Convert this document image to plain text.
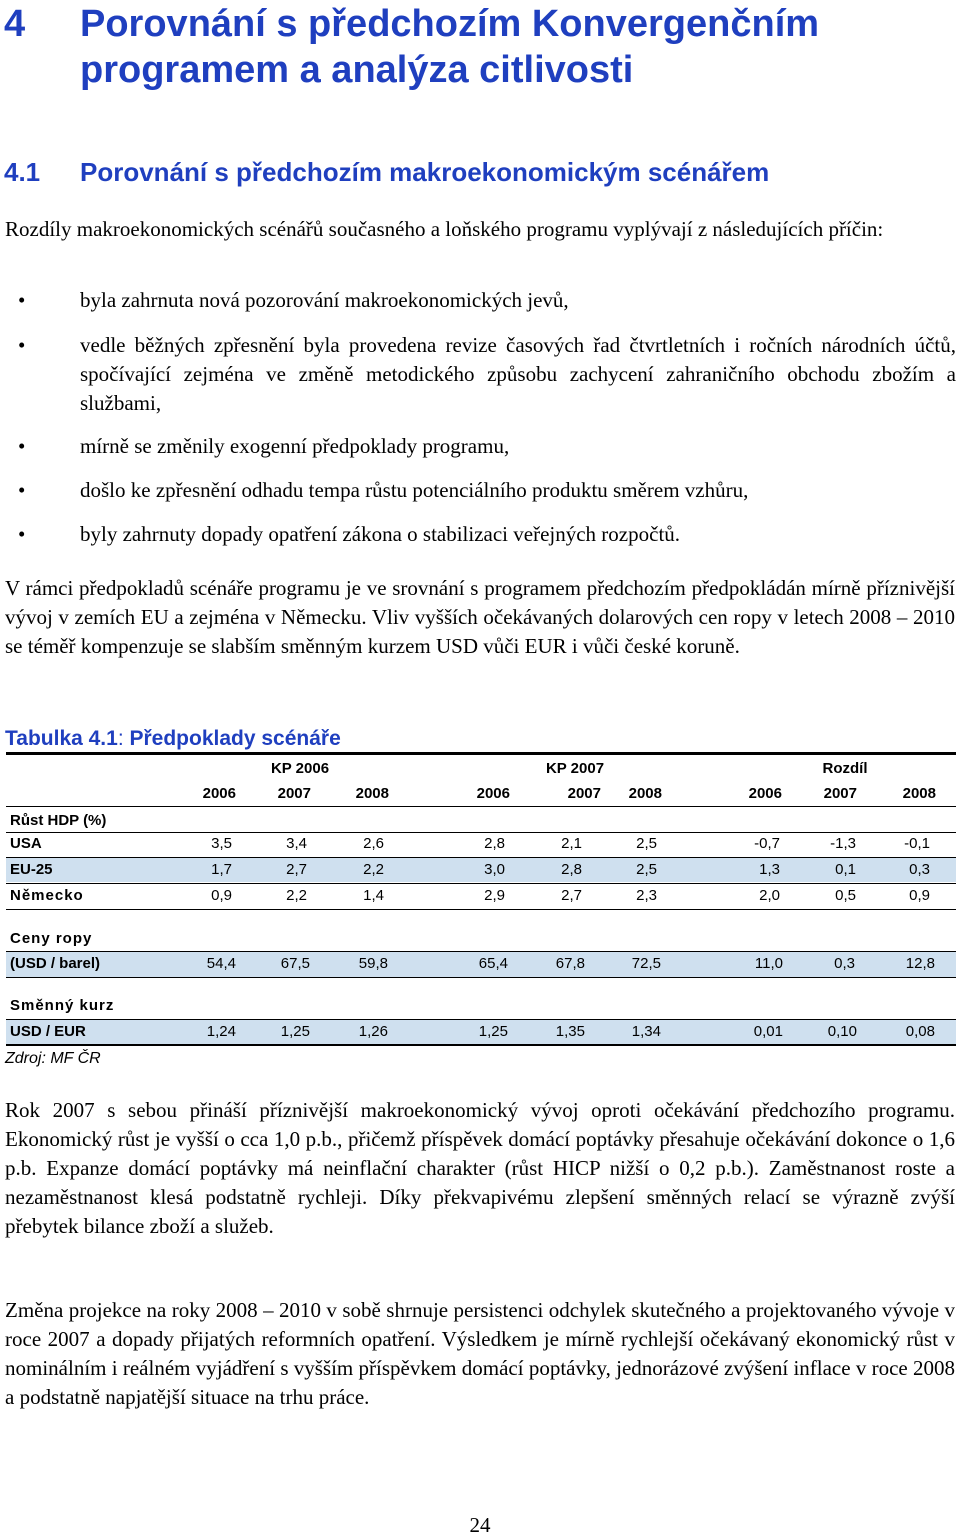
4 Porovnání s předchozím Konvergenčním
programem a analýza citlivosti
4.1 Porovnání s předchozím makroekonomickým scénářem
Rozdíly makroekonomických scénářů současného a loňského programu vyplývají z následujících příčin:
•	byla zahrnuta nová pozorování makroekonomických jevů,
•	vedle běžných zpřesnění byla provedena revize časových řad čtvrtletních i ročních národních účtů, spočívající zejména ve změně metodického způsobu zachycení zahraničního obchodu zbožím a službami,
•	mírně se změnily exogenní předpoklady programu,
•	došlo ke zpřesnění odhadu tempa růstu potenciálního produktu směrem vzhůru,
•	byly zahrnuty dopady opatření zákona o stabilizaci veřejných rozpočtů.
V rámci předpokladů scénáře programu je ve srovnání s programem předchozím předpokládán mírně příznivější vývoj v zemích EU a zejména v Německu. Vliv vyšších očekávaných dolarových cen ropy v letech 2008 – 2010 se téměř kompenzuje se slabším směnným kurzem USD vůči EUR i vůči české koruně.
Tabulka 4.1: Předpoklady scénáře
KP 2006	KP 2007	Rozdíl
2006	2007	2008	2006	2007	2008	2006	2007	2008
Růst HDP (%)
USA	3,5	3,4	2,6	2,8	2,1	2,5	-0,7	-1,3	-0,1
EU-25	1,7	2,7	2,2	3,0	2,8	2,5	1,3	0,1	0,3
Německo	0,9	2,2	1,4	2,9	2,7	2,3	2,0	0,5	0,9
Ceny ropy
(USD / barel)	54,4	67,5	59,8	65,4	67,8	72,5	11,0	0,3	12,8
Směnný kurz
USD / EUR	1,24	1,25	1,26	1,25	1,35	1,34	0,01	0,10	0,08
Zdroj: MF ČR
Rok 2007 s sebou přináší příznivější makroekonomický vývoj oproti očekávání předchozího programu. Ekonomický růst je vyšší o cca 1,0 p.b., přičemž příspěvek domácí poptávky přesahuje očekávání dokonce o 1,6 p.b. Expanze domácí poptávky má neinflační charakter (růst HICP nižší o 0,2 p.b.). Zaměstnanost roste a nezaměstnanost klesá podstatně rychleji. Díky překvapivému zlepšení směnných relací se výrazně zvýší přebytek bilance zboží a služeb.
Změna projekce na roky 2008 – 2010 v sobě shrnuje persistenci odchylek skutečného a projektovaného vývoje v roce 2007 a dopady přijatých reformních opatření. Výsledkem je mírně rychlejší očekávaný ekonomický růst v nominálním i reálném vyjádření s vyšším příspěvkem domácí poptávky, jednorázové zvýšení inflace v roce 2008 a podstatně napjatější situace na trhu práce.
24
